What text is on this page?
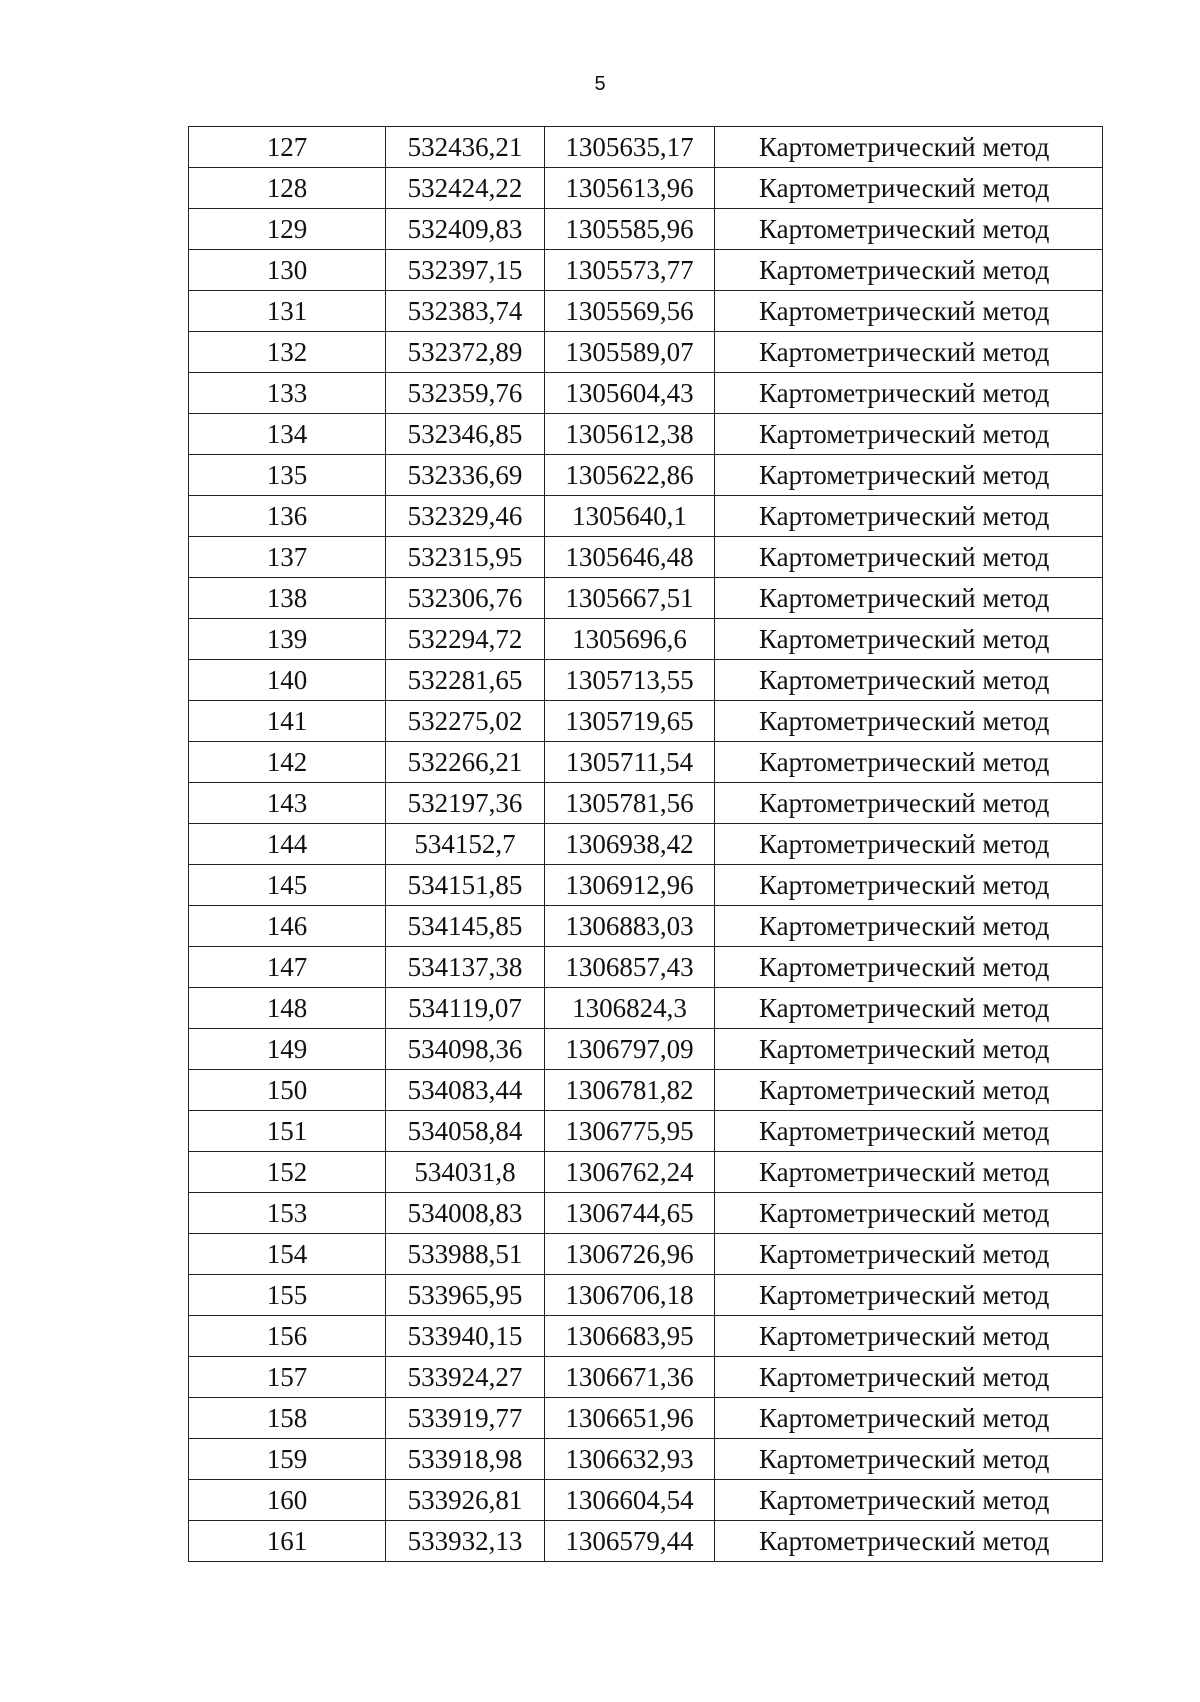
5
127	532436,21	1305635,17	Картометрический метод
128	532424,22	1305613,96	Картометрический метод
129	532409,83	1305585,96	Картометрический метод
130	532397,15	1305573,77	Картометрический метод
131	532383,74	1305569,56	Картометрический метод
132	532372,89	1305589,07	Картометрический метод
133	532359,76	1305604,43	Картометрический метод
134	532346,85	1305612,38	Картометрический метод
135	532336,69	1305622,86	Картометрический метод
136	532329,46	1305640,1	Картометрический метод
137	532315,95	1305646,48	Картометрический метод
138	532306,76	1305667,51	Картометрический метод
139	532294,72	1305696,6	Картометрический метод
140	532281,65	1305713,55	Картометрический метод
141	532275,02	1305719,65	Картометрический метод
142	532266,21	1305711,54	Картометрический метод
143	532197,36	1305781,56	Картометрический метод
144	534152,7	1306938,42	Картометрический метод
145	534151,85	1306912,96	Картометрический метод
146	534145,85	1306883,03	Картометрический метод
147	534137,38	1306857,43	Картометрический метод
148	534119,07	1306824,3	Картометрический метод
149	534098,36	1306797,09	Картометрический метод
150	534083,44	1306781,82	Картометрический метод
151	534058,84	1306775,95	Картометрический метод
152	534031,8	1306762,24	Картометрический метод
153	534008,83	1306744,65	Картометрический метод
154	533988,51	1306726,96	Картометрический метод
155	533965,95	1306706,18	Картометрический метод
156	533940,15	1306683,95	Картометрический метод
157	533924,27	1306671,36	Картометрический метод
158	533919,77	1306651,96	Картометрический метод
159	533918,98	1306632,93	Картометрический метод
160	533926,81	1306604,54	Картометрический метод
161	533932,13	1306579,44	Картометрический метод
